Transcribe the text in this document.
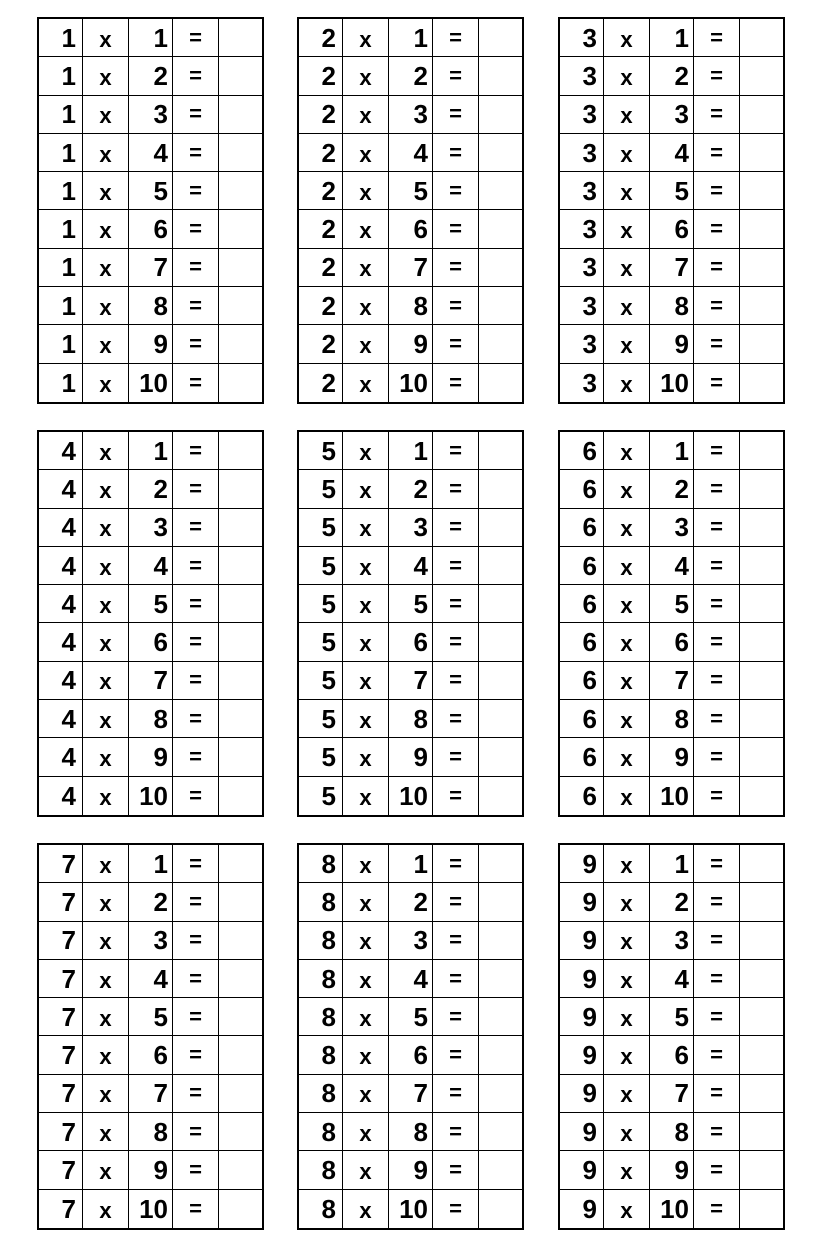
1	x	1 =
1	x	2 =
1	x	3 =
1	x	4 =
1	x	5 =
1	x	6 =
1	x	7 =
1	x	8 =
1	x	9 =
1	x	10 =
2	x	1 =
2	x	2 =
2	x	3 =
2	x	4 =
2	x	5 =
2	x	6 =
2	x	7 =
2	x	8 =
2	x	9 =
2	x	10 =
3	x	1 =
3	x	2 =
3	x	3 =
3	x	4 =
3	x	5 =
3	x	6 =
3	x	7 =
3	x	8 =
3	x	9 =
3	x	10 =
4	x	1 =
4	x	2 =
4	x	3 =
4	x	4 =
4	x	5 =
4	x	6 =
4	x	7 =
4	x	8 =
4	x	9 =
4	x	10 =
5	x	1 =
5	x	2 =
5	x	3 =
5	x	4 =
5	x	5 =
5	x	6 =
5	x	7 =
5	x	8 =
5	x	9 =
5	x	10 =
6	x	1 =
6	x	2 =
6	x	3 =
6	x	4 =
6	x	5 =
6	x	6 =
6	x	7 =
6	x	8 =
6	x	9 =
6	x	10 =
7	x	1 =
7	x	2 =
7	x	3 =
7	x	4 =
7	x	5 =
7	x	6 =
7	x	7 =
7	x	8 =
7	x	9 =
7	x	10 =
8	x	1 =
8	x	2 =
8	x	3 =
8	x	4 =
8	x	5 =
8	x	6 =
8	x	7 =
8	x	8 =
8	x	9 =
8	x	10 =
9	x	1 =
9	x	2 =
9	x	3 =
9	x	4 =
9	x	5 =
9	x	6 =
9	x	7 =
9	x	8 =
9	x	9 =
9	x	10 =
